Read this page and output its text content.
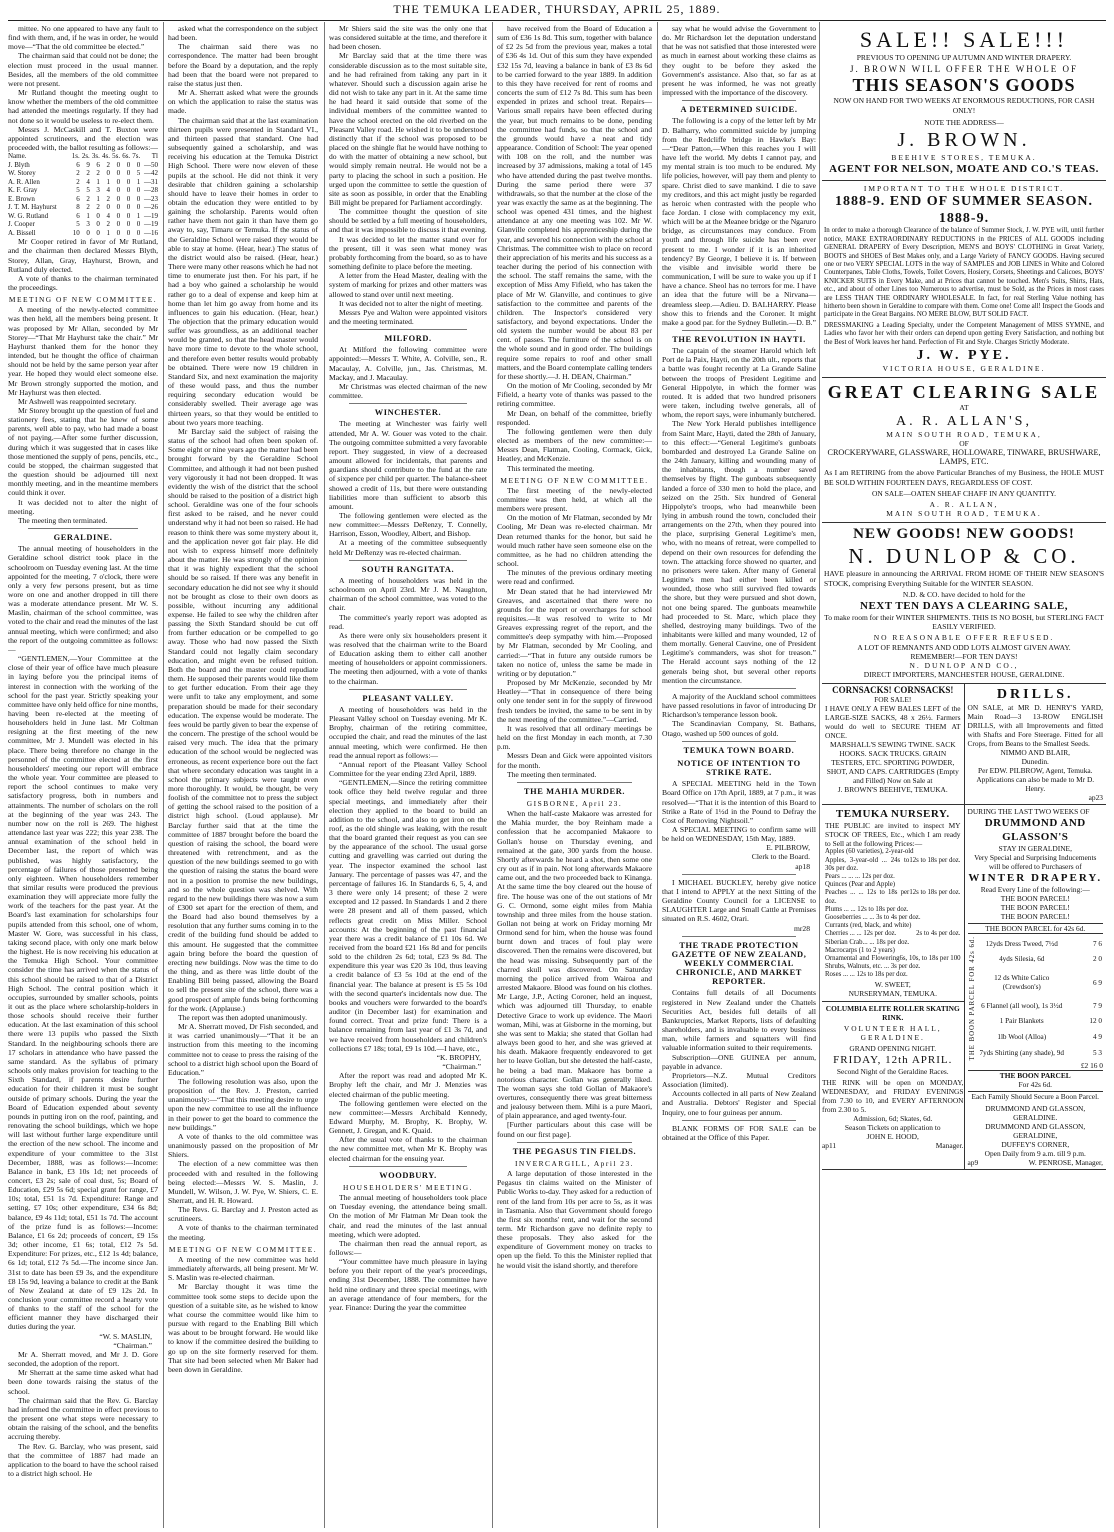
THE TEMUKA LEADER, THURSDAY, APRIL 25, 1889.

mittee. No one appeared to have any fault to find with them, and, if he was in order, he would move—“That the old committee be elected.”

The chairman said that could not be done; the election must proceed in the usual manner. Besides, all the members of the old committee were not present.

Mr Rutland thought the meeting ought to know whether the members of the old committee had attended the meetings regularly. If they had not done so it would be useless to re-elect them.

Messrs J. McCaskill and T. Buxton were appointed scrutineers, and the election was proceeded with, the ballot resulting as follows:—

Name.	1s.	2s.	3s.	4s.	5s.	6s.	7s.	Tl
J. Blyth	6	9	6	2	0	0	0	—50
W. Storey	2	2	2	0	0	0	5	—42
A. R. Allen	2	4	1	1	0	0	1	—31
K. F. Gray	5	5	3	4	0	0	0	—28
E. Brown	6	2	1	2	0	0	0	—23
J. T. M. Hayhurst	8	2	2	0	0	0	0	—26
W. G. Rutland	6	1	0	4	0	0	1	—19
J. Cooper	5	3	0	2	0	0	0	—19
A. Bissell	10	0	0	1	0	0	0	—16

Mr Cooper retired in favor of Mr Rutland, and the chairman then declared Messrs Blyth, Storey, Allan, Gray, Hayhurst, Brown, and Rutland duly elected.

A vote of thanks to the chairman terminated the proceedings.

MEETING OF NEW COMMITTEE.

A meeting of the newly-elected committee was then held, all the members being present. It was proposed by Mr Allan, seconded by Mr Storey—“That Mr Hayhurst take the chair.” Mr Hayhurst thanked them for the honor they intended, but he thought the office of chairman should not be held by the same person year after year. He hoped they would elect someone else. Mr Brown strongly supported the motion, and Mr Hayhurst was then elected.

Mr Ashwell was reappointed secretary.

Mr Storey brought up the question of fuel and stationery fees, stating that he knew of some parents, well able to pay, who had made a boast of not paying.—After some further discussion, during which it was suggested that in cases like those mentioned the supply of pens, pencils, etc., could be stopped, the chairman suggested that the question should be adjourned till next monthly meeting, and in the meantime members could think it over.

It was decided not to alter the night of meeting.

The meeting then terminated.

GERALDINE.

The annual meeting of householders in the Geraldine school district took place in the schoolroom on Tuesday evening last. At the time appointed for the meeting, 7 o'clock, there were only a very few persons present, but as time wore on one and another dropped in till there was a moderate attendance present. Mr W. S. Maslin, chairman of the school committee, was voted to the chair and read the minutes of the last annual meeting, which were confirmed; and also the report of the outgoing committee as follows:—

“GENTLEMEN,—Your Committee at the close of their year of office have much pleasure in laying before you the principal items of interest in connection with the working of the school for the past year. Strictly speaking your committee have only held office for nine months, having been re-elected at the meeting of householders held in June last. Mr Coltman resigning at the first meeting of the new committee, Mr J. Mundell was elected in his place. There being therefore no change in the personnel of the committee elected at the first householders' meeting our report will embrace the whole year. Your committee are pleased to report the school continues to make very satisfactory progress, both in numbers and attainments. The number of scholars on the roll at the beginning of the year was 243. The number now on the roll is 269. The highest attendance last year was 222; this year 238. The annual examination of the school held in December last, the report of which was published, was highly satisfactory, the percentage of failures of those presented being only eighteen. When householders remember that similar results were produced the previous examination they will appreciate more fully the work of the teachers for the past year. At the Board's last examination for scholarships four pupils attended from this school, one of whom, Master W. Gore, was successful in his class, taking second place, with only one mark below the highest. He is now receiving his education at the Temuka High School. Your committee consider the time has arrived when the status of this school should be raised to that of a District High School. The central position which it occupies, surrounded by smaller schools, points it out as the place where scholarship-holders in those schools should receive their further education. At the last examination of this school there were 13 pupils who passed the Sixth Standard. In the neighbouring schools there are 17 scholars in attendance who have passed the same standard. As the syllabus of primary schools only makes provision for teaching to the Sixth Standard, if parents desire further education for their children it must be sought outside of primary schools. During the year the Board of Education expended about seventy pounds in putting iron on the roof, painting, and renovating the school buildings, which we hope will last without further large expenditure until the erection of the new school. The income and expenditure of your committee to the 31st December, 1888, was as follows:—Income: Balance in bank, £3 10s 1d; net proceeds of concert, £3 2s; sale of coal dust, 5s; Board of Education, £29 5s 6d; special grant for range, £7 10s; total, £51 1s 7d. Expenditure: Range and setting, £7 10s; other expenditure, £34 6s 8d; balance, £9 4s 11d; total, £51 1s 7d. The account of the prize fund is as follows:—Income: Balance, £1 6s 2d; proceeds of concert, £9 15s 3d; other income, £1 6s; total, £12 7s 5d. Expenditure: For prizes, etc., £12 1s 4d; balance, 6s 1d; total, £12 7s 5d.—The income since Jan. 31st to date has been £9 3s, and the expenditure £8 15s 9d, leaving a balance to credit at the Bank of New Zealand at date of £9 12s 2d. In conclusion your committee record a hearty vote of thanks to the staff of the school for the efficient manner they have discharged their duties during the year.

“W. S. MASLIN,
“Chairman.”

Mr A. Sherratt moved, and Mr J. D. Gore seconded, the adoption of the report.

Mr Sherratt at the same time asked what had been done towards raising the status of the school.

The chairman said that the Rev. G. Barclay had informed the committee in effect previous to the present one what steps were necessary to obtain the raising of the school, and the benefits accruing thereby.

The Rev. G. Barclay, who was present, said that the committee of 1887 had made an application to the board to have the school raised to a district high school. He

asked what the correspondence on the subject had been.

The chairman said there was no correspondence. The matter had been brought before the Board by a deputation, and the reply had been that the board were not prepared to raise the status just then.

Mr A. Sherratt asked what were the grounds on which the application to raise the status was made.

The chairman said that at the last examination thirteen pupils were presented in Standard VI., and thirteen passed that standard. One had subsequently gained a scholarship, and was receiving his education at the Temuka District High School. There were now eleven of these pupils at the school. He did not think it very desirable that children gaining a scholarship should have to leave their homes in order to obtain the education they were entitled to by gaining the scholarship. Parents would often rather have them not gain it than have them go away to, say, Timaru or Temuka. If the status of the Geraldine School were raised they would be able to stay at home. (Hear, hear.) The status of the district would also be raised. (Hear, hear.) There were many other reasons which he had not time to enumerate just then. For his part, if he had a boy who gained a scholarship he would rather go to a deal of expense and keep him at home than let him go away from home and its influences to gain his education. (Hear, hear.) The objection that the primary education would suffer was groundless, as an additional teacher would be granted, so that the head master would have more time to devote to the whole school, and therefore even better results would probably be obtained. There were now 19 children in Standard Six, and next examination the majority of these would pass, and thus the number requiring secondary education would be considerably swelled. Their average age was thirteen years, so that they would be entitled to about two years more teaching.

Mr Barclay said the subject of raising the status of the school had often been spoken of. Some eight or nine years ago the matter had been brought forward by the Geraldine School Committee, and although it had not been pushed very vigorously it had not been dropped. It was evidently the wish of the district that the school should be raised to the position of a district high school. Geraldine was one of the four schools first asked to be raised, and he never could understand why it had not been so raised. He had reason to think there was some mystery about it, and the application never got fair play. He did not wish to express himself more definitely about the matter. He was strongly of the opinion that it was highly expedient that the school should be so raised. If there was any benefit in secondary education he did not see why it should not be brought as close to their own doors as possible, without incurring any additional expense. He failed to see why the children after passing the Sixth Standard should be cut off from further education or be compelled to go away. Those who had now passed the Sixth Standard could not legally claim secondary education, and might even be refused tuition. Both the board and the master could repudiate them. He supposed their parents would like them to get further education. From their age they were unfit to take any employment, and some preparation should be made for their secondary education. The expense would be moderate. The fees would be partly given to bear the expense of the concern. The prestige of the school would be raised very much. The idea that the primary education of the school would be neglected was erroneous, as recent experience bore out the fact that where secondary education was taught in a school the primary subjects were taught even more thoroughly. It would, be thought, be very foolish of the committee not to press the subject of getting the school raised to the position of a district high school. (Loud applause). Mr Barclay further said that at the time the committee of 1887 brought before the board the question of raising the school, the board were threatened with retrenchment, and as the question of the new buildings seemed to go with the question of raising the status the board were not in a position to promise the new buildings, and so the whole question was shelved. With regard to the new buildings there was now a sum of £300 set apart for the erection of them, and the Board had also bound themselves by a resolution that any further sums coming in to the credit of the building fund should be added to this amount. He suggested that the committee again bring before the board the question of erecting new buildings. Now was the time to do the thing, and as there was little doubt of the Enabling Bill being passed, allowing the Board to sell the present site of the school, there was a good prospect of ample funds being forthcoming for the work. (Applause.)

The report was then adopted unanimously.

Mr A. Sherratt moved, Dr Fish seconded, and it was carried unanimously—“That it be an instruction from this meeting to the incoming committee not to cease to press the raising of the school to a district high school upon the Board of Education.”

The following resolution was also, upon the proposition of the Rev. J. Preston, carried unanimously:—“That this meeting desire to urge upon the new committee to use all the influence in their power to get the board to commence the new buildings.”

A vote of thanks to the old committee was unanimously passed on the proposition of Mr Shiers.

The election of a new committee was then proceeded with and resulted in the following being elected:—Messrs W. S. Maslin, J. Mundell, W. Wilson, J. W. Pye, W. Shiers, C. E. Sherratt, and H. R. Howard.

The Revs. G. Barclay and J. Preston acted as scrutineers.

A vote of thanks to the chairman terminated the meeting.

MEETING OF NEW COMMITTEE.

A meeting of the new committee was held immediately afterwards, all being present. Mr W. S. Maslin was re-elected chairman.

Mr Barclay thought it was time the committee took some steps to decide upon the question of a suitable site, as he wished to know what course the committee would like him to pursue with regard to the Enabling Bill which was about to be brought forward. He would like to know if the committee desired the building to go up on the site formerly reserved for them. That site had been selected when Mr Baker had been down in Geraldine.

Mr Shiers said the site was the only one that was considered suitable at the time, and therefore it had been chosen.

Mr Barclay said that at the time there was considerable discussion as to the most suitable site, and he had refrained from taking any part in it whatever. Should such a discussion again arise he did not wish to take any part in it. At the same time he had heard it said outside that some of the individual members of the committee wanted to have the school erected on the old riverbed on the Pleasant Valley road. He wished it to be understood distinctly that if the school was proposed to be placed on the shingle flat he would have nothing to do with the matter of obtaining a new school, but would simply remain neutral. He would not be a party to placing the school in such a position. He urged upon the committee to settle the question of site as soon as possible, in order that the Enabling Bill might be prepared for Parliament accordingly.

The committee thought the question of site should be settled by a full meeting of householders, and that it was impossible to discuss it that evening.

It was decided to let the matter stand over for the present, till it was seen what money was probably forthcoming from the board, so as to have something definite to place before the meeting.

A letter from the Head Master, dealing with the system of marking for prizes and other matters was allowed to stand over until next meeting.

It was decided not to alter the night of meeting.

Messrs Pye and Walton were appointed visitors and the meeting terminated.

MILFORD.

At Milford the following committee were appointed:—Messrs T. White, A. Colville, sen., R. Macaulay, A. Colville, jun., Jas. Christmas, M. Mackay, and J. Macaulay.

Mr Christmas was elected chairman of the new committee.

WINCHESTER.

The meeting at Winchester was fairly well attended, Mr A. W. Gouer was voted to the chair. The outgoing committee submitted a very favorable report. They suggested, in view of a decreased amount allowed for incidentals, that parents and guardians should contribute to the fund at the rate of sixpence per child per quarter. The balance-sheet showed a credit of 11s, but there were outstanding liabilities more than sufficient to absorb this amount.

The following gentlemen were elected as the new committee:—Messrs DeRenzy, T. Connelly, Harrison, Esson, Woodley, Albert, and Bishop.

At a meeting of the committee subsequently held Mr DeRenzy was re-elected chairman.

SOUTH RANGITATA.

A meeting of householders was held in the schoolroom on April 23rd. Mr J. M. Naughton, chairman of the school committee, was voted to the chair.

The committee's yearly report was adopted as read.

As there were only six householders present it was resolved that the chairman write to the Board of Education asking them to either call another meeting of householders or appoint commissioners. The meeting then adjourned, with a vote of thanks to the chairman.

PLEASANT VALLEY.

A meeting of householders was held in the Pleasant Valley school on Tuesday evening. Mr K. Brophy, chairman of the retiring committee, occupied the chair, and read the minutes of the last annual meeting, which were confirmed. He then read the annual report as follows:—

“Annual report of the Pleasant Valley School Committee for the year ending 23rd April, 1889.

“GENTLEMEN,—Since the retiring committee took office they held twelve regular and three special meetings, and immediately after their election they applied to the board to build an addition to the school, and also to get iron on the roof, as the old shingle was leaking, with the result that the board granted their request as you can see by the appearance of the school. The usual gorse cutting and gravelling was carried out during the year. The inspector examined the school last January. The percentage of passes was 47, and the percentage of failures 16. In Standards 6, 5, 4, and 3 there were only 14 present; of these 2 were excepted and 12 passed. In Standards 1 and 2 there were 28 present and all of them passed, which reflects great credit on Miss Miller. School accounts: At the beginning of the past financial year there was a credit balance of £1 10s 6d. We received from the board £21 16s 8d and for pencils sold to the children 2s 6d; total, £23 9s 8d. The expenditure this year was £20 3s 10d, thus leaving a credit balance of £3 5s 10d at the end of the financial year. The balance at present is £5 5s 10d with the second quarter's incidentals now due. The books and vouchers were forwarded to the board's auditor (in December last) for examination and found correct. Treat and prize fund: There is a balance remaining from last year of £1 3s 7d, and we have received from householders and children's collections £7 18s; total, £9 1s 10d.—I have, etc.,

“K. BROPHY,
“Chairman.”

After the report was read and adopted Mr K. Brophy left the chair, and Mr J. Menzies was elected chairman of the public meeting.

The following gentlemen were elected on the new committee:—Messrs Archibald Kennedy, Edward Murphy, M. Brophy, K. Brophy, W. Gennett, J. Gregan, and K. Quaid.

After the usual vote of thanks to the chairman the new committee met, when Mr K. Brophy was elected chairman for the ensuing year.

WOODBURY.
HOUSEHOLDERS' MEETING.

The annual meeting of householders took place on Tuesday evening, the attendance being small. On the motion of Mr Flatman Mr Dean took the chair, and read the minutes of the last annual meeting, which were adopted.

The chairman then read the annual report, as follows:—

“Your committee have much pleasure in laying before you their report of the year's proceedings, ending 31st December, 1888. The committee have held nine ordinary and three special meetings, with an average attendance of four members, for the year. Finance: During the year the committee

have received from the Board of Education a sum of £36 1s 8d. This sum, together with balance of £2 2s 5d from the previous year, makes a total of £36 4s 1d. Out of this sum they have expended £32 15s 7d, leaving a balance in bank of £3 8s 6d to be carried forward to the year 1889. In addition to this they have received for rent of rooms and concerts the sum of £12 7s 8d. This sum has been expended in prizes and school treat. Repairs—Various small repairs have been effected during the year, but much remains to be done, pending the committee had funds, so that the school and the grounds would have a neat and tidy appearance. Condition of School: The year opened with 108 on the roll, and the number was increased by 37 admissions, making a total of 145 who have attended during the past twelve months. During the same period there were 37 withdrawals, so that the number at the close of the year was exactly the same as at the beginning. The school was opened 431 times, and the highest attendance at any one meeting was 102. Mr W. Glanville completed his apprenticeship during the year, and severed his connection with the school at Christmas. The committee wish to place on record their appreciation of his merits and his success as a teacher during the period of his connection with the school. The staff remains the same, with the exception of Miss Amy Fifield, who has taken the place of Mr W. Glanville, and continues to give satisfaction to the committee and parents of the children. The Inspector's considered very satisfactory, and beyond expectations. Under the old system the number would be about 83 per cent. of passes. The furniture of the school is on the whole sound and in good order. The buildings require some repairs to roof and other small matters, and the Board contemplate calling tenders for these shortly.—J. H. DEAN, Chairman.”

On the motion of Mr Cooling, seconded by Mr Fifield, a hearty vote of thanks was passed to the retiring committee.

Mr Dean, on behalf of the committee, briefly responded.

The following gentlemen were then duly elected as members of the new committee:—Messrs Dean, Flatman, Cooling, Cormack, Gick, Heatley, and McKenzie.

This terminated the meeting.

MEETING OF NEW COMMITTEE.

The first meeting of the newly-elected committee was then held, at which all the members were present.

On the motion of Mr Flatman, seconded by Mr Cooling, Mr Dean was re-elected chairman. Mr Dean returned thanks for the honor, but said he would much rather have seen someone else on the committee, as he had no children attending the school.

The minutes of the previous ordinary meeting were read and confirmed.

Mr Dean stated that he had interviewed Mr Greaves, and ascertained that there were no grounds for the report or overcharges for school requisites.—It was resolved to write to Mr Greaves expressing regret of the report, and the committee's deep sympathy with him.—Proposed by Mr Flatman, seconded by Mr Cooling, and carried:—“That in future any outside rumors be taken no notice of, unless the same be made in writing or by deputation.”

Proposed by Mr McKenzie, seconded by Mr Heatley—“That in consequence of there being only one tender sent in for the supply of firewood fresh tenders be invited, the same to be sent in by the next meeting of the committee.”—Carried.

It was resolved that all ordinary meetings be held on the first Monday in each month, at 7.30 p.m.

Messrs Dean and Gick were appointed visitors for the month.

The meeting then terminated.

THE MAHIA MURDER.
GISBORNE, April 23.

When the half-caste Makaore was arrested for the Mahia murder, the boy Reinham made a confession that he accompanied Makaore to Gollan's house on Thursday evening, and remained at the gate, 300 yards from the house. Shortly afterwards he heard a shot, then some one cry out as if in pain. Not long afterwards Makaore came out, and the two proceeded back to Kinanga. At the same time the boy cleared out the house of fire. The house was one of the out stations of Mr G. C. Ormond, some eight miles from Mahia township and three miles from the house station. Gollan not being at work on Friday morning Mr Ormond send for him, when the house was found burnt down and traces of foul play were discovered. Then the remains were discovered, but the head was missing. Subsequently part of the charred skull was discovered. On Saturday morning the police arrived from Wairoa and arrested Makaore. Blood was found on his clothes. Mr Large, J.P., Acting Coroner, held an inquest, which was adjourned till Thursday, to enable Detective Grace to work up evidence. The Maori woman, Mihi, was at Gisborne in the morning, but she was sent to Makia; she stated that Gollan had always been good to her, and she was grieved at his death. Makaore frequently endeavored to get her to leave Gollan, but she detested the half-caste, he being a bad man. Makaore has borne a notorious character. Gollan was generally liked. The woman says she told Gollan of Makaore's overtures, consequently there was great bitterness and jealousy between them. Mihi is a pure Maori, of plain appearance, and aged twenty-four.

[Further particulars about this case will be found on our first page].

THE PEGASUS TIN FIELDS.
INVERCARGILL, April 23.

A large deputation of those interested in the Pegasus tin claims waited on the Minister of Public Works to-day. They asked for a reduction of rent of the land from 10s per acre to 5s, as it was in Tasmania. Also that Government should forego the first six months' rent, and wait for the second term. Mr Richardson gave no definite reply to these proposals. They also asked for the expenditure of Government money on tracks to open up the field. To this the Minister replied that he would visit the island shortly, and therefore

say what he would advise the Government to do. Mr Richardson let the deputation understand that he was not satisfied that those interested were as much in earnest about working these claims as they ought to be before they asked the Government's assistance. Also that, so far as at present he was informed, he was not greatly impressed with the importance of the discovery.

A DETERMINED SUICIDE.

The following is a copy of the letter left by Mr D. Balharry, who committed suicide by jumping from the Redcliffe bridge in Hawke's Bay:—“Dear Patton,—When this reaches you I will have left the world. My debts I cannot pay, and my mental strain is too much to be endured. My life policies, however, will pay them and plenty to spare. Christ died to save mankind. I die to save my creditors, and this act might justly be regarded as heroic when contrasted with the people who face Jordan. I close with complacency my exit, which will be at the Meanee bridge or the Ngaruro bridge, as circumstances may conduce. From youth and through life suicide has been ever present to me. I wonder if it is an inherited tendency? By George, I believe it is. If between the visible and invisible world there be communication, I will be sure to wake you up if I have a chance. Sheol has no terrors for me. I have an idea that the future will be a Nirvana—dreamless sleep.—Adieu. D. BALHARRY. Please show this to friends and the Coroner. It might make a good par. for the Sydney Bulletin.—D. B.”

THE REVOLUTION IN HAYTI.

The captain of the steamer Harold which left Port de la Paix, Hayti, on the 20th ult., reports that a battle was fought recently at La Grande Saline between the troops of President Legitime and General Hippolyte, in which the former was routed. It is added that two hundred prisoners were taken, including twelve generals, all of whom, the report says, were inhumanly butchered.

The New York Herald publishes intelligence from Saint Marc, Hayti, dated the 28th of January, to this effect:—“General Legitime's gunboats bombarded and destroyed La Grande Saline on the 24th January, killing and wounding many of the inhabitants, though a number saved themselves by flight. The gunboats subsequently landed a force of 330 men to hold the place, and seized on the 25th. Six hundred of General Hippolyte's troops, who had meanwhile been lying in ambush round the town, concluded their arrangements on the 27th, when they poured into the place, surprising General Legitime's men, who, with no means of retreat, were compelled to depend on their own resources for defending the town. The attacking force showed no quarter, and no prisoners were taken. After many of General Legitime's men had either been killed or wounded, those who still survived fled towards the shore, but they were pursued and shot down, not one being spared. The gunboats meanwhile had proceeded to St. Marc, which place they shelled, destroying many buildings. Two of the inhabitants were killed and many wounded, 12 of them mortally. General Cauvine, one of President Legitime's commanders, was shot for treason.” The Herald account says nothing of the 12 generals being shot, but several other reports mention the circumstance.

A majority of the Auckland school committees have passed resolutions in favor of introducing Dr Richardson's temperance lesson book.

The Scandinavian Company, St. Bathans, Otago, washed up 500 ounces of gold.

TEMUKA TOWN BOARD.
NOTICE OF INTENTION TO STRIKE RATE.

A SPECIAL MEETING held in the Town Board Office on 17th April, 1889, at 7 p.m., it was resolved—“That it is the intention of this Board to Strike a Rate of 1½d in the Pound to Defray the Cost of Removing Nightsoil.”

A SPECIAL MEETING to confirm same will be held on WEDNESDAY, 15th May, 1889.

E. PILBROW,
Clerk to the Board.
ap18

I MICHAEL BUCKLEY, hereby give notice that I intend to APPLY at the next Sitting of the Geraldine County Council for a LICENSE to SLAUGHTER Large and Small Cattle at Premises situated on R.S. 4602, Orari.

mr28
THE TRADE PROTECTION GAZETTE OF NEW ZEALAND, WEEKLY COMMERCIAL CHRONICLE, AND MARKET REPORTER.

Contains full details of all Documents registered in New Zealand under the Chattels Securities Act, besides full details of all Bankruptcies, Market Reports, lists of defaulting shareholders, and is invaluable to every business man, while farmers and squatters will find valuable information suited to their requirements.

Subscription—ONE GUINEA per annum, payable in advance.

Proprietors—N.Z. Mutual Creditors Association (limited).

Accounts collected in all parts of New Zealand and Australia. Debtors' Register and Special Inquiry, one to four guineas per annum.

BLANK FORMS OF FOR SALE can be obtained at the Office of this Paper.

SALE!! SALE!!!
PREVIOUS TO OPENING UP AUTUMN AND WINTER DRAPERY.
J. BROWN WILL OFFER THE WHOLE OF
THIS SEASON'S GOODS
NOW ON HAND FOR TWO WEEKS AT ENORMOUS REDUCTIONS, FOR CASH ONLY!
NOTE THE ADDRESS—
J. BROWN.
BEEHIVE STORES, TEMUKA.
AGENT FOR NELSON, MOATE AND CO.'S TEAS.
IMPORTANT TO THE WHOLE DISTRICT.
1888-9. END OF SUMMER SEASON. 1888-9.
In order to make a thorough Clearance of the balance of Summer Stock, J. W. PYE will, until further notice, MAKE EXTRAORDINARY REDUCTIONS in the PRICES of ALL GOODS including GENERAL DRAPERY of Every Description, MEN'S and BOYS' CLOTHING in Great Variety, BOOTS and SHOES of Best Makes only, and a Large Variety of FANCY GOODS. Having secured one or two VERY SPECIAL LOTS in the way of SAMPLES and JOB LINES in White and Colored Counterpanes, Table Cloths, Towels, Toilet Covers, Hosiery, Corsets, Sheetings and Calicoes, BOYS' KNICKER SUITS in Every Make, and at Prices that cannot be touched. Men's Suits, Shirts, Hats, etc., and about of other Lines too Numerous to advertise, must be Sold, as the Prices in most cases are LESS THAN THE ORDINARY WHOLESALE. In fact, for real Sterling Value nothing has hitherto been shown in Geraldine to compare with them. Come one! Come all! Inspect the Goods and participate in the Great Bargains. NO MERE BLOW, BUT SOLID FACT.
DRESSMAKING a Leading Specialty, under the Competent Management of MISS SYMNE, and Ladies who favor her with their orders can depend upon getting Every Satisfaction, and nothing but the Best of Work leaves her hand. Perfection of Fit and Style. Charges Strictly Moderate.
J. W. PYE.
VICTORIA HOUSE, GERALDINE.
GREAT CLEARING SALE
AT
A. R. ALLAN'S,
MAIN SOUTH ROAD, TEMUKA,
OF
CROCKERYWARE, GLASSWARE, HOLLOWARE, TINWARE, BRUSHWARE, LAMPS, ETC.
As I am RETIRING from the above Particular Branches of my Business, the HOLE MUST BE SOLD WITHIN FOURTEEN DAYS, REGARDLESS OF COST.
ON SALE—OATEN SHEAF CHAFF IN ANY QUANTITY.
A. R. ALLAN,
MAIN SOUTH ROAD, TEMUKA.
NEW GOODS! NEW GOODS!
N. DUNLOP & CO.
HAVE pleasure in announcing the ARRIVAL FROM HOME OF THEIR NEW SEASON'S STOCK, comprising Everything Suitable for the WINTER SEASON.
N.D. & CO. have decided to hold for the
NEXT TEN DAYS A CLEARING SALE,
To make room for their WINTER SHIPMENTS. THIS IS NO BOSH, but STERLING FACT EASILY VERIFIED.
NO REASONABLE OFFER REFUSED.
A LOT OF REMNANTS AND ODD LOTS ALMOST GIVEN AWAY.
REMEMBER!—FOR TEN DAYS!
N. DUNLOP AND CO.,
DIRECT IMPORTERS, MANCHESTER HOUSE, GERALDINE.
CORNSACKS! CORNSACKS!
FOR SALE!
I HAVE ONLY A FEW BALES LEFT of the LARGE-SIZE SACKS, 48 x 26½. Farmers would do well to SECURE THEM AT ONCE.
MARSHALL'S SEWING TWINE. SACK HOOKS. SACK TRUCKS. GRAIN TESTERS, ETC. SPORTING POWDER, SHOT, AND CAPS. CARTRIDGES (Empty and Filled) Now on Sale at
J. BROWN'S BEEHIVE, TEMUKA.
DRILLS.
ON SALE, at MR D. HENRY'S YARD, Main Road—3 13-ROW ENGLISH DRILLS, with all Improvements and fitted with Shafts and Fore Steerage. Fitted for all Crops, from Beans to the Smallest Seeds.
NIMMO AND BLAIR,
Dunedin.
Per EDW. PILBROW, Agent, Temuka.
Applications can also be made to Mr D. Henry.
ap23
TEMUKA NURSERY.
THE PUBLIC are invited to inspect MY STOCK OF TREES, Etc., which I am ready to Sell at the following Prices:—
Apples (60 varieties), 2-year-old
12s to 18s per doz.
Apples, 3-year-old ... 24s to 30s per doz.
Pears ... ... ... 12s per doz.
Quinces (Pear and Apple)
12s to 18s per doz.
Peaches ... ... 12s to 18s per doz.
Plums ... ... 12s to 18s per doz.
Gooseberries ... ... 3s to 4s per doz.
Currants (red, black, and white)
2s to 4s per doz.
Cherries ... ... 12s per doz.
Siberian Crab... ... 18s per doz.
Macrocarps (1 to 2 years)
6s, 10s, to 18s per 100
Ornamental and Flowering Shrubs, Walnuts, etc. ... 3s per doz.
Roses ... ... 12s to 18s per doz.
W. SWEET,
NURSERYMAN, TEMUKA.
COLUMBIA ELITE ROLLER SKATING RINK.
VOLUNTEER HALL, GERALDINE.
GRAND OPENING NIGHT.
FRIDAY, 12th APRIL.
Second Night of the Geraldine Races.
THE RINK will be open on MONDAY, WEDNESDAY, and FRIDAY EVENINGS from 7.30 to 10, and EVERY AFTERNOON from 2.30 to 5.
Admission, 6d; Skates, 6d.
Season Tickets on application to
JOHN E. HOOD,
ap11	Manager.
DURING THE LAST TWO WEEKS OF
DRUMMOND AND GLASSON'S
STAY IN GERALDINE,
Very Special and Surprising Inducements will be offered to Purchasers of
WINTER DRAPERY.
Read Every Line of the following:—
THE BOON PARCEL!
THE BOON PARCEL!
THE BOON PARCEL!
THE BOON PARCEL for 42s 6d.
THE BOON PARCEL FOR 42s 6d. 12yds Dress Tweed, 7½d	7 6
4yds Silesia, 6d	2 0
12 ds White Calico (Crewdson's)	6 9
6 Flannel (all wool), 1s 3½d	7 9
1 Pair Blankets	12 0
1lb Wool (Alloa)	4 9
7yds Shirting (any shade), 9d	5 3
£2 16 0
THE BOON PARCEL
For 42s 6d.
Each Family Should Secure a Boon Parcel.
DRUMMOND AND GLASSON,
GERALDINE.
DRUMMOND AND GLASSON,
GERALDINE,
DUFFEY'S CORNER,
Open Daily from 9 a.m. till 9 p.m.
ap9	W. PENROSE, Manager,
